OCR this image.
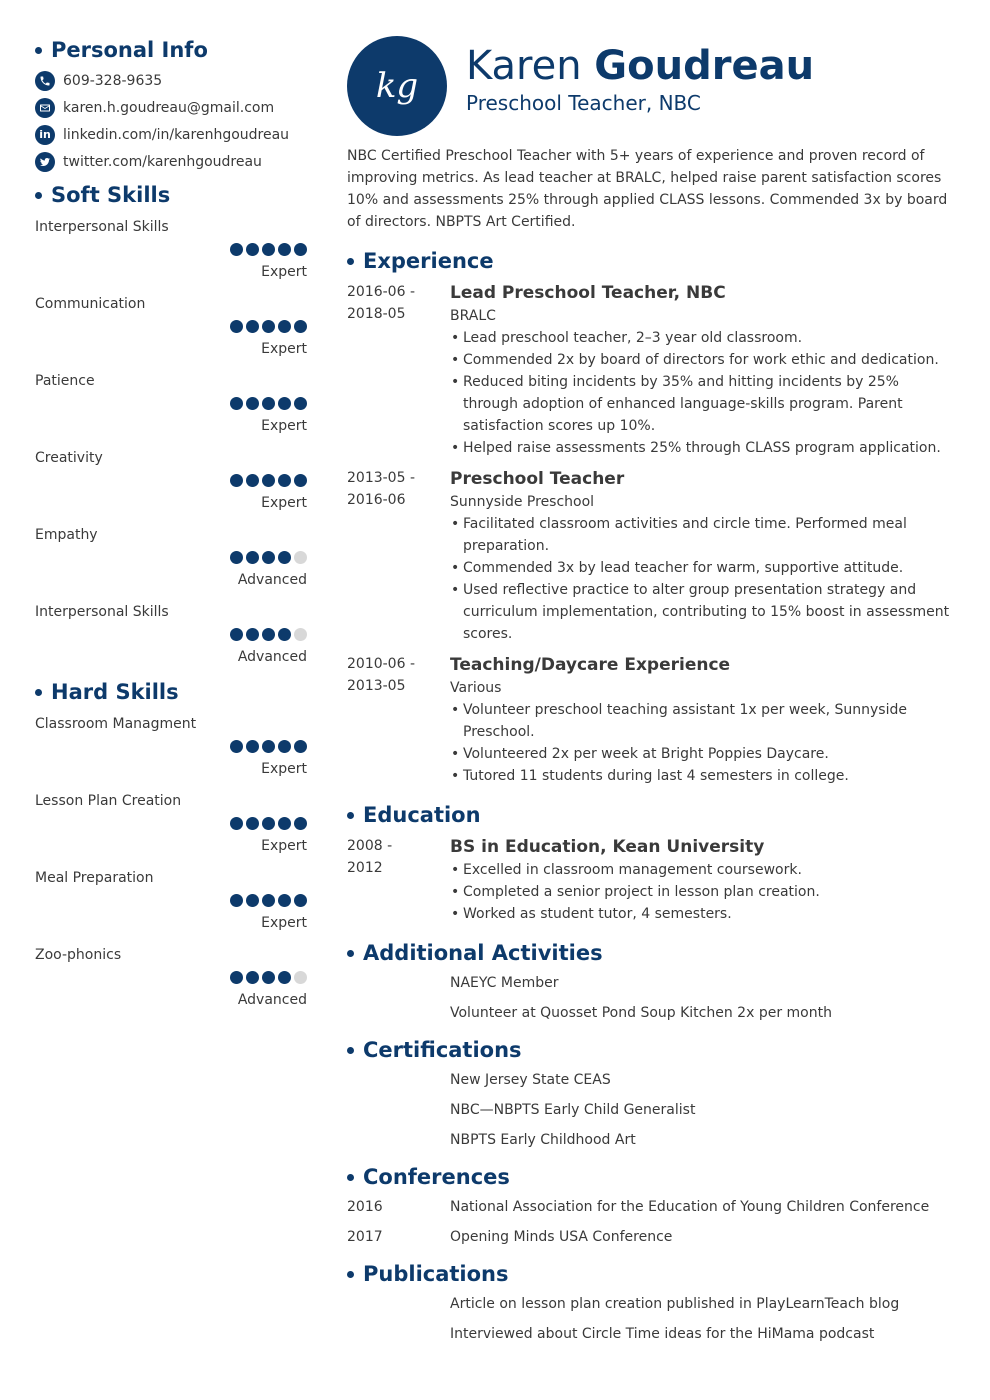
Personal Info
609-328-9635
karen.h.goudreau@gmail.com
in linkedin.com/in/karenhgoudreau
twitter.com/karenhgoudreau
Soft Skills
Interpersonal Skills
Expert
Communication
Expert
Patience
Expert
Creativity
Expert
Empathy
Advanced
Interpersonal Skills
Advanced
Hard Skills
Classroom Managment
Expert
Lesson Plan Creation
Expert
Meal Preparation
Expert
Zoo-phonics
Advanced
kg Karen Goudreau
Preschool Teacher, NBC
NBC Certified Preschool Teacher with 5+ years of experience and proven record of improving metrics. As lead teacher at BRALC, helped raise parent satisfaction scores 10% and assessments 25% through applied CLASS lessons. Commended 3x by board of directors. NBPTS Art Certified.
Experience
2016-06 -
2018-05
Lead Preschool Teacher, NBC
BRALC
• Lead preschool teacher, 2–3 year old classroom.
• Commended 2x by board of directors for work ethic and dedication.
• Reduced biting incidents by 35% and hitting incidents by 25% through adoption of enhanced language-skills program. Parent satisfaction scores up 10%.
• Helped raise assessments 25% through CLASS program application.
2013-05 -
2016-06
Preschool Teacher
Sunnyside Preschool
• Facilitated classroom activities and circle time. Performed meal preparation.
• Commended 3x by lead teacher for warm, supportive attitude.
• Used reflective practice to alter group presentation strategy and curriculum implementation, contributing to 15% boost in assessment scores.
2010-06 -
2013-05
Teaching/Daycare Experience
Various
• Volunteer preschool teaching assistant 1x per week, Sunnyside Preschool.
• Volunteered 2x per week at Bright Poppies Daycare.
• Tutored 11 students during last 4 semesters in college.
Education
2008 -
2012
BS in Education, Kean University
• Excelled in classroom management coursework.
• Completed a senior project in lesson plan creation.
• Worked as student tutor, 4 semesters.
Additional Activities
NAEYC Member
Volunteer at Quosset Pond Soup Kitchen 2x per month
Certifications
New Jersey State CEAS
NBC—NBPTS Early Child Generalist
NBPTS Early Childhood Art
Conferences
2016	National Association for the Education of Young Children Conference
2017	Opening Minds USA Conference
Publications
Article on lesson plan creation published in PlayLearnTeach blog
Interviewed about Circle Time ideas for the HiMama podcast
